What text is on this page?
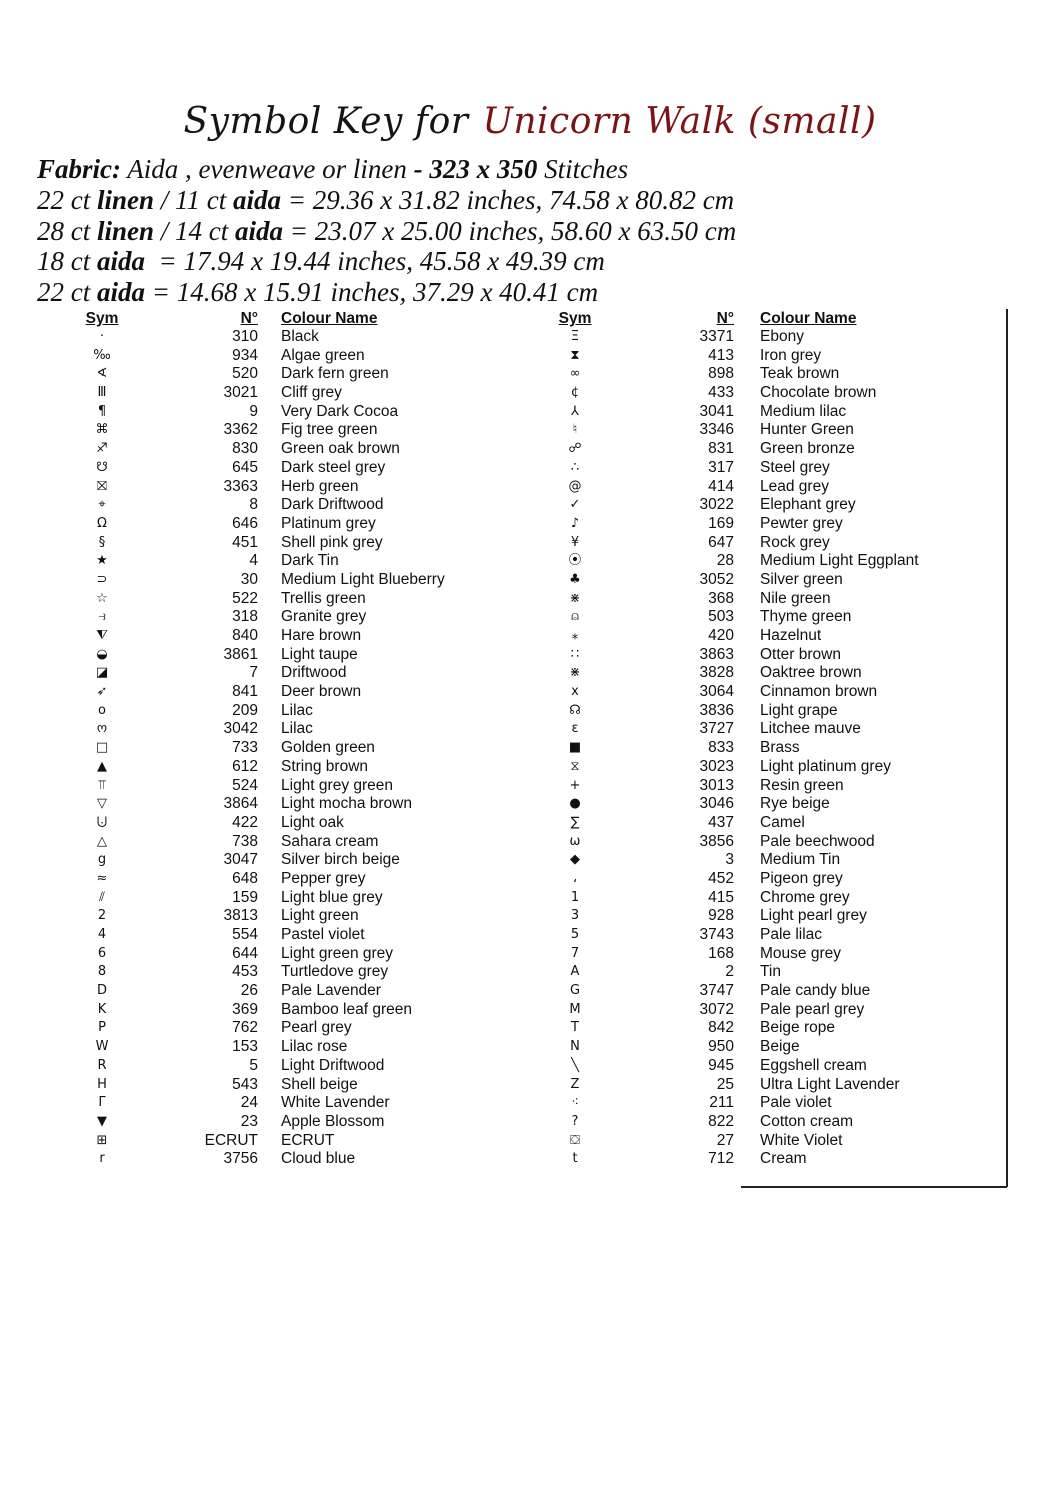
Symbol Key for Unicorn Walk (small)
Fabric: Aida , evenweave or linen - 323 x 350 Stitches
22 ct linen / 11 ct aida = 29.36 x 31.82 inches, 74.58 x 80.82 cm
28 ct linen / 14 ct aida = 23.07 x 25.00 inches, 58.60 x 63.50 cm
18 ct aida  = 17.94 x 19.44 inches, 45.58 x 49.39 cm
22 ct aida = 14.68 x 15.91 inches, 37.29 x 40.41 cm
Sym	N° Colour Name
·	310 Black
‰	934 Algae green
∢	520 Dark fern green
Ⅲ	3021 Cliff grey
¶	9 Very Dark Cocoa
⌘	3362 Fig tree green
♐	830 Green oak brown
☋	645 Dark steel grey
⛝	3363 Herb green
⌖	8 Dark Driftwood
Ω	646 Platinum grey
§	451 Shell pink grey
★	4 Dark Tin
⊃	30 Medium Light Blueberry
☆	522 Trellis green
⥽	318 Granite grey
⧨	840 Hare brown
◒	3861 Light taupe
◪	7 Driftwood
➶	841 Deer brown
o	209 Lilac
ო	3042 Lilac
□	733 Golden green
▲	612 String brown
⫪	524 Light grey green
▽	3864 Light mocha brown
⨃	422 Light oak
△	738 Sahara cream
g	3047 Silver birch beige
≈	648 Pepper grey
⫽	159 Light blue grey
2	3813 Light green
4	554 Pastel violet
6	644 Light green grey
8	453 Turtledove grey
D	26 Pale Lavender
K	369 Bamboo leaf green
P	762 Pearl grey
W	153 Lilac rose
R	5 Light Driftwood
H	543 Shell beige
Γ	24 White Lavender
▼	23 Apple Blossom
⊞	ECRUT ECRUT
r	3756 Cloud blue
Sym	N° Colour Name
Ξ	3371 Ebony
⧗	413 Iron grey
∞	898 Teak brown
¢	433 Chocolate brown
⅄	3041 Medium lilac
♮	3346 Hunter Green
☍	831 Green bronze
∴	317 Steel grey
@	414 Lead grey
✓	3022 Elephant grey
♪	169 Pewter grey
¥	647 Rock grey
⦿	28 Medium Light Eggplant
♣	3052 Silver green
⋇	368 Nile green
⍝	503 Thyme green
⁎	420 Hazelnut
∷	3863 Otter brown
⋇	3828 Oaktree brown
x	3064 Cinnamon brown
☊	3836 Light grape
ε	3727 Litchee mauve
■	833 Brass
⧖	3023 Light platinum grey
+	3013 Resin green
●	3046 Rye beige
∑	437 Camel
ω	3856 Pale beechwood
◆	3 Medium Tin
،	452 Pigeon grey
1	415 Chrome grey
3	928 Light pearl grey
5	3743 Pale lilac
7	168 Mouse grey
A	2 Tin
G	3747 Pale candy blue
M	3072 Pale pearl grey
T	842 Beige rope
N	950 Beige
╲	945 Eggshell cream
Z	25 Ultra Light Lavender
⁖	211 Pale violet
?	822 Cotton cream
⛋	27 White Violet
t	712 Cream
